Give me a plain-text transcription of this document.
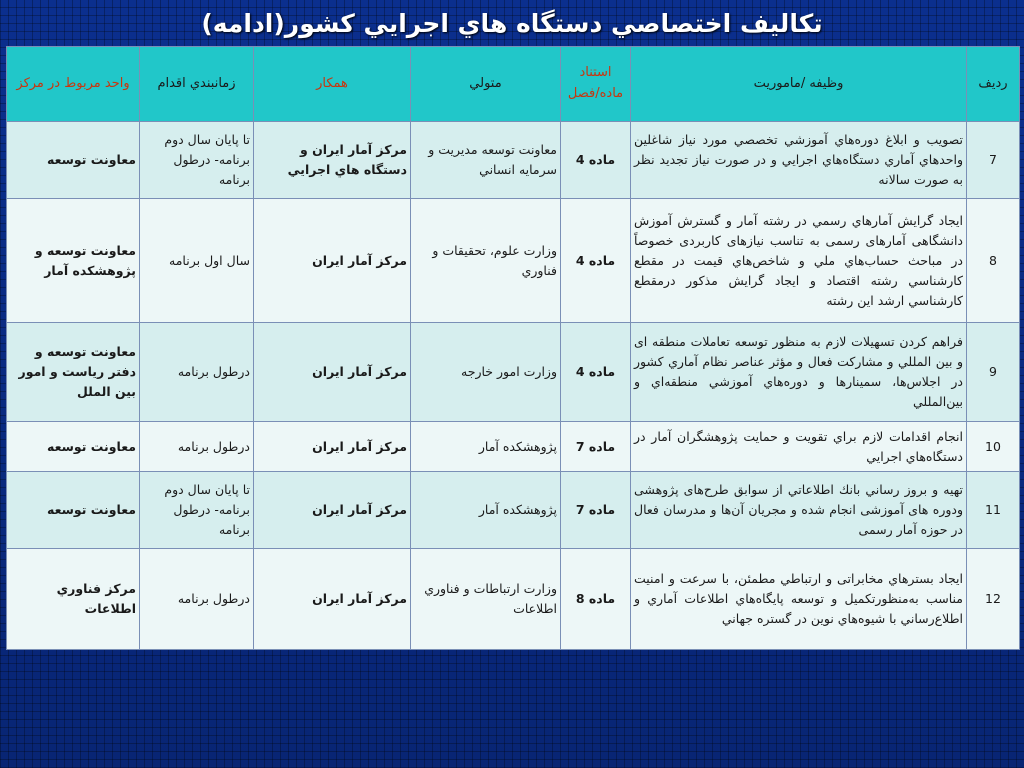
تكاليف اختصاصي دستگاه هاي اجرايي كشور(ادامه)
رديف	وظيفه /ماموريت	استناد ماده/فصل	متولي	همكار	زمانبندي اقدام	واحد مربوط در مركز
7	تصويب و ابلاغ دوره‌هاي آموزشي تخصصي مورد نياز شاغلين واحدهاي آماري دستگاه‌هاي اجرايي و در صورت نياز تجديد نظر به صورت سالانه	ماده 4	معاونت توسعه مديريت و سرمايه انساني	مركز آمار ايران و دستگاه هاي اجرايي	تا پايان سال دوم برنامه- درطول برنامه	معاونت توسعه
8	ايجاد گرايش آمارهاي رسمي در رشته آمار و گسترش آموزش دانشگاهی آمارهای رسمی به تناسب نیازهای کاربردی خصوصاً در مباحث حساب‌هاي ملي و شاخص‌هاي قيمت در مقطع كارشناسي رشته اقتصاد و ايجاد گرايش مذكور درمقطع كارشناسي ارشد اين رشته	ماده 4	وزارت علوم، تحقيقات و فناوري	مركز آمار ايران	سال اول برنامه	معاونت توسعه و پژوهشكده آمار
9	فراهم كردن تسهيلات لازم به منظور توسعه تعاملات منطقه ای و بين المللي و مشاركت فعال و مؤثر عناصر نظام آماري كشور در اجلاس‌ها، سمينارها و دوره‌هاي آموزشي منطقه‌اي و بين‌المللي	ماده 4	وزارت امور خارجه	مركز آمار ايران	درطول برنامه	معاونت توسعه و دفتر رياست و امور بين الملل
10	انجام اقدامات لازم براي تقويت و حمايت پژوهشگران آمار در دستگاه‌هاي اجرايي	ماده 7	پژوهشكده آمار	مركز آمار ايران	درطول برنامه	معاونت توسعه
11	تهيه و بروز رساني بانك اطلاعاتي از سوابق طرح‌های پژوهشی ودوره های آموزشی انجام شده و مجريان آن‌ها و مدرسان فعال در حوزه آمار رسمی	ماده 7	پژوهشكده آمار	مركز آمار ايران	تا پايان سال دوم برنامه- درطول برنامه	معاونت توسعه
12	ايجاد بسترهاي مخابراتی و ارتباطي مطمئن، با سرعت و امنيت مناسب به‌منظورتكميل و توسعه پايگاه‌هاي اطلاعات آماري و اطلاع‌رساني با شيوه‌هاي نوين در گستره جهاني	ماده 8	وزارت ارتباطات و فناوري اطلاعات	مركز آمار ايران	درطول برنامه	مركز فناوري اطلاعات
